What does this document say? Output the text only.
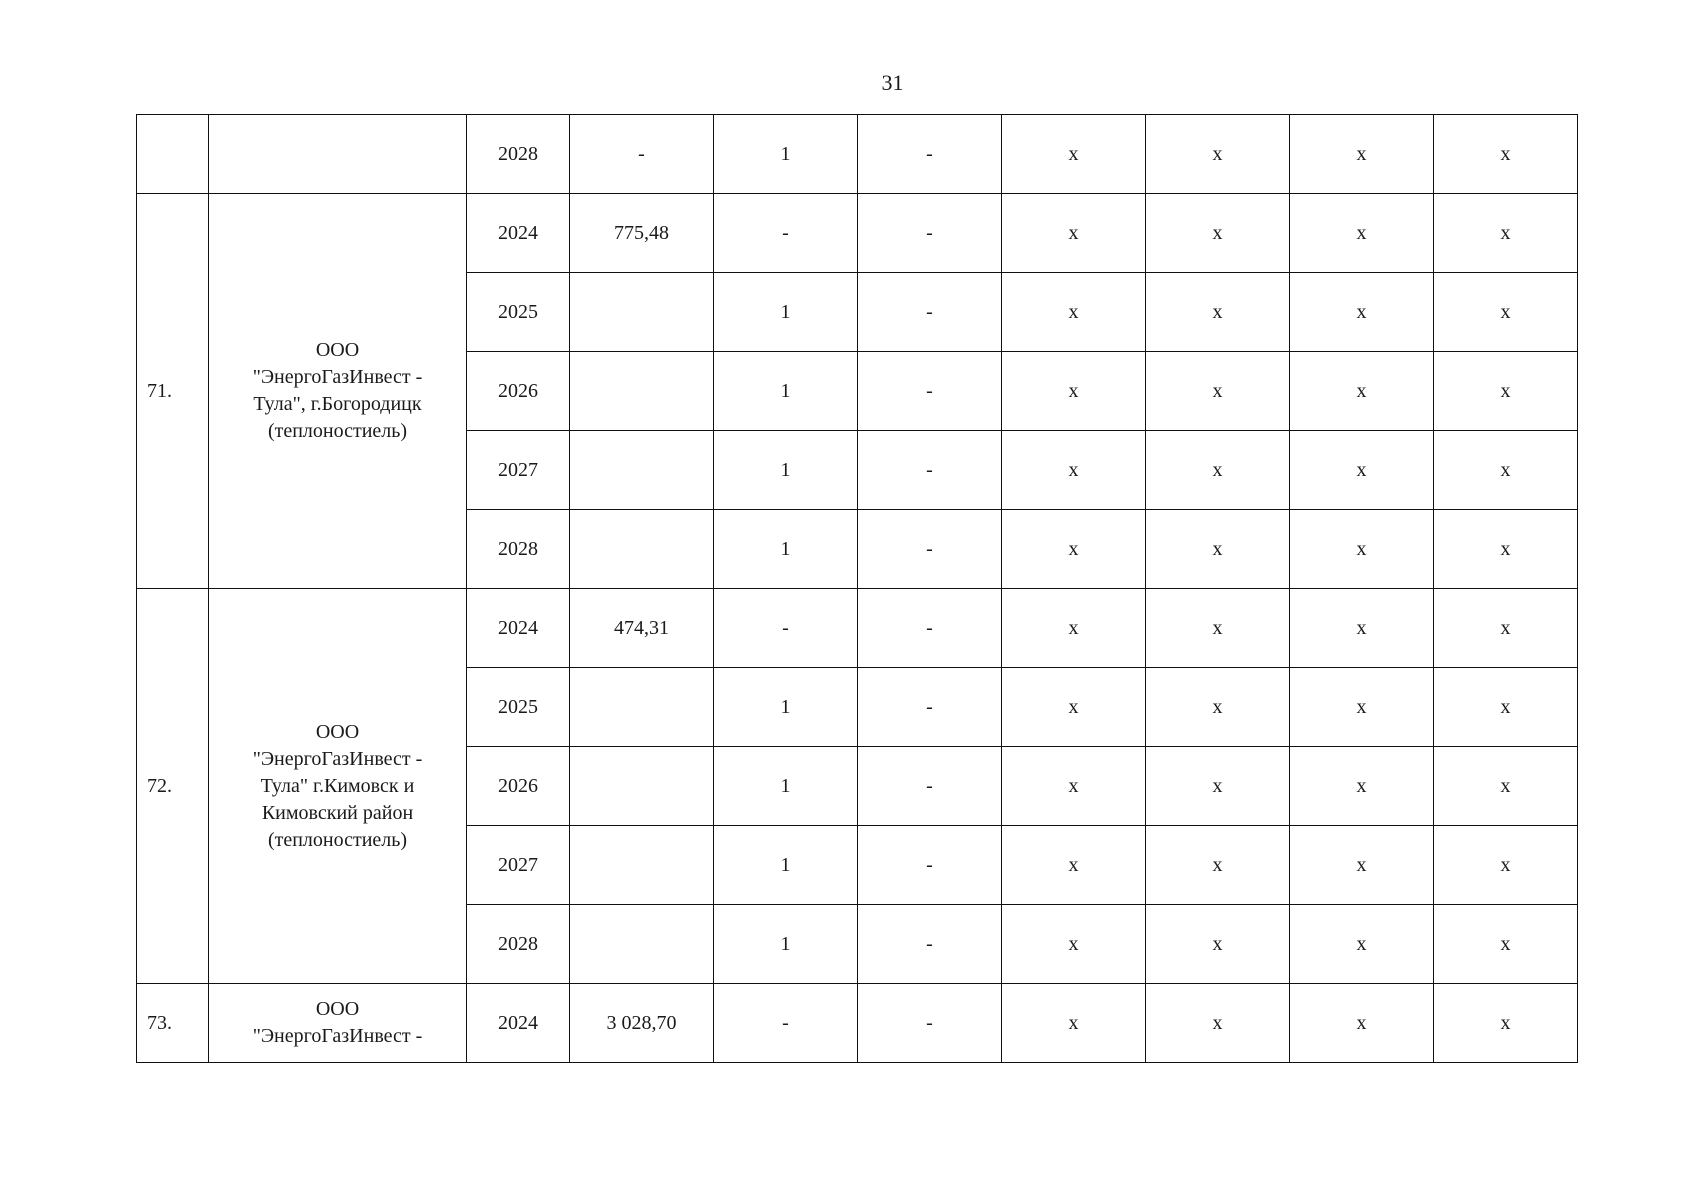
31
		2028	-	1	-	x	x	x	x
71.	ООО
"ЭнергоГазИнвест -
Тула", г.Богородицк
(теплоностиель)	2024	775,48	-	-	x	x	x	x
		2025		1	-	x	x	x	x
		2026		1	-	x	x	x	x
		2027		1	-	x	x	x	x
		2028		1	-	x	x	x	x
72.	ООО
"ЭнергоГазИнвест -
Тула" г.Кимовск и
Кимовский район
(теплоностиель)	2024	474,31	-	-	x	x	x	x
		2025		1	-	x	x	x	x
		2026		1	-	x	x	x	x
		2027		1	-	x	x	x	x
		2028		1	-	x	x	x	x
73.	ООО
"ЭнергоГазИнвест -	2024	3 028,70	-	-	x	x	x	x
